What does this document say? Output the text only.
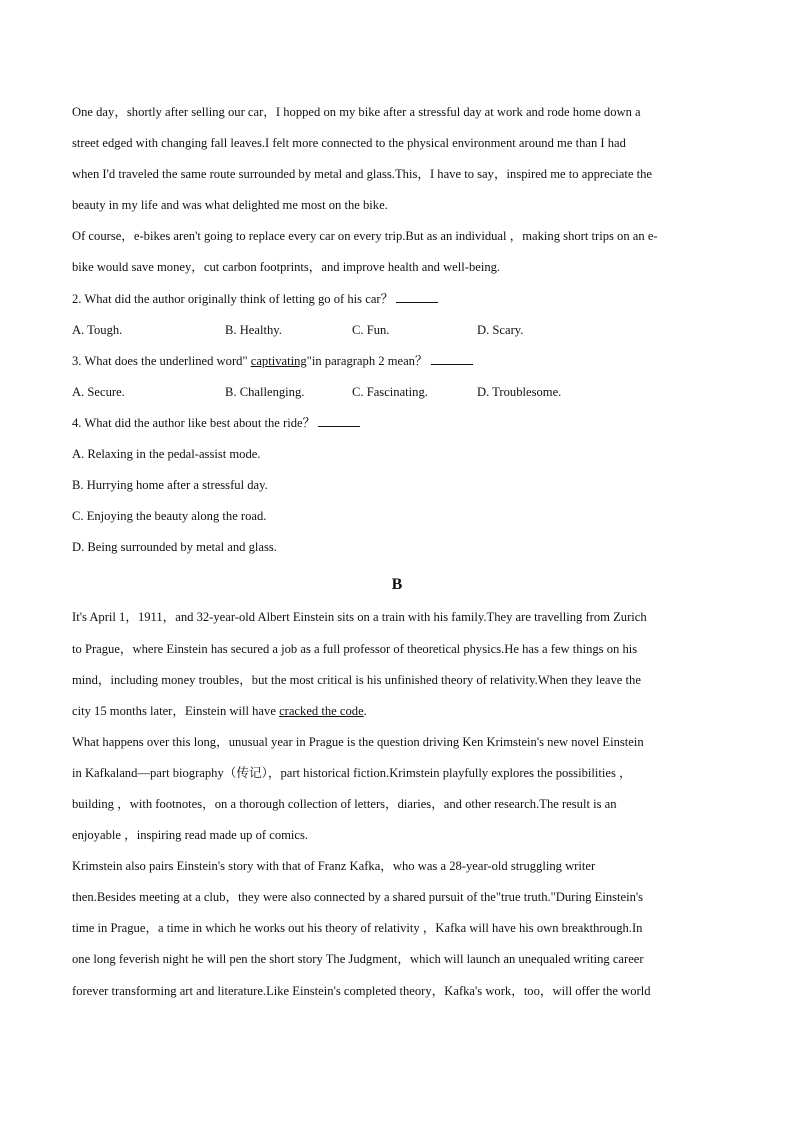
One day，shortly after selling our car，I hopped on my bike after a stressful day at work and rode home down a
street edged with changing fall leaves.I felt more connected to the physical environment around me than I had
when I'd traveled the same route surrounded by metal and glass.This，I have to say，inspired me to appreciate the
beauty in my life and was what delighted me most on the bike.
Of course，e-bikes aren't going to replace every car on every trip.But as an individual ，making short trips on an e-
bike would save money，cut carbon footprints，and improve health and well-being.
2. What did the author originally think of letting go of his car？
A. Tough.	B. Healthy.	C. Fun.	D. Scary.
3. What does the underlined word" captivating"in paragraph 2 mean？
A. Secure.	B. Challenging.	C. Fascinating.	D. Troublesome.
4. What did the author like best about the ride？
A. Relaxing in the pedal-assist mode.
B. Hurrying home after a stressful day.
C. Enjoying the beauty along the road.
D. Being surrounded by metal and glass.
B
It's April 1，1911，and 32-year-old Albert Einstein sits on a train with his family.They are travelling from Zurich
to Prague，where Einstein has secured a job as a full professor of theoretical physics.He has a few things on his
mind，including money troubles，but the most critical is his unfinished theory of relativity.When they leave the
city 15 months later，Einstein will have cracked the code.
What happens over this long，unusual year in Prague is the question driving Ken Krimstein's new novel Einstein
in Kafkaland—part biography（传记），part historical fiction.Krimstein playfully explores the possibilities ，
building ，with footnotes，on a thorough collection of letters，diaries，and other research.The result is an
enjoyable ，inspiring read made up of comics.
Krimstein also pairs Einstein's story with that of Franz Kafka，who was a 28-year-old struggling writer
then.Besides meeting at a club，they were also connected by a shared pursuit of the"true truth."During Einstein's
time in Prague，a time in which he works out his theory of relativity ，Kafka will have his own breakthrough.In
one long feverish night he will pen the short story The Judgment，which will launch an unequaled writing career
forever transforming art and literature.Like Einstein's completed theory，Kafka's work，too，will offer the world
